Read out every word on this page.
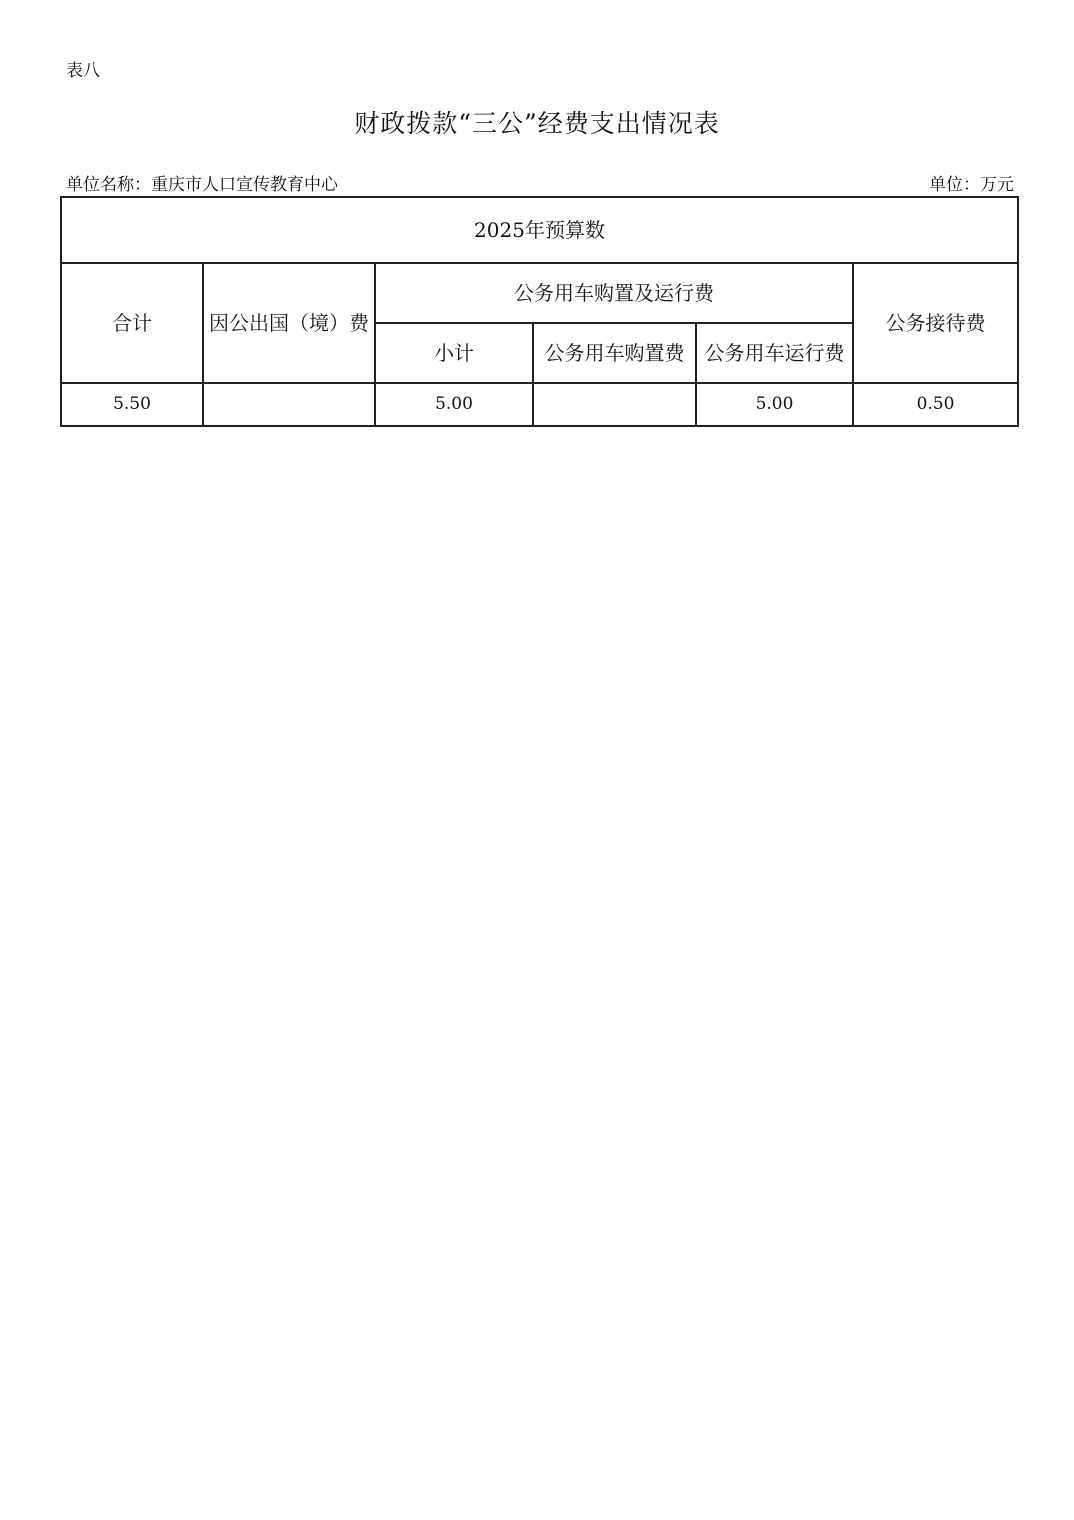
表八
财政拨款“三公”经费支出情况表
单位名称：重庆市人口宣传教育中心	单位：万元
2025年预算数					
合计	因公出国（境）费	公务用车购置及运行费			公务接待费
		小计	公务用车购置费	公务用车运行费	
5.50		5.00		5.00	0.50
